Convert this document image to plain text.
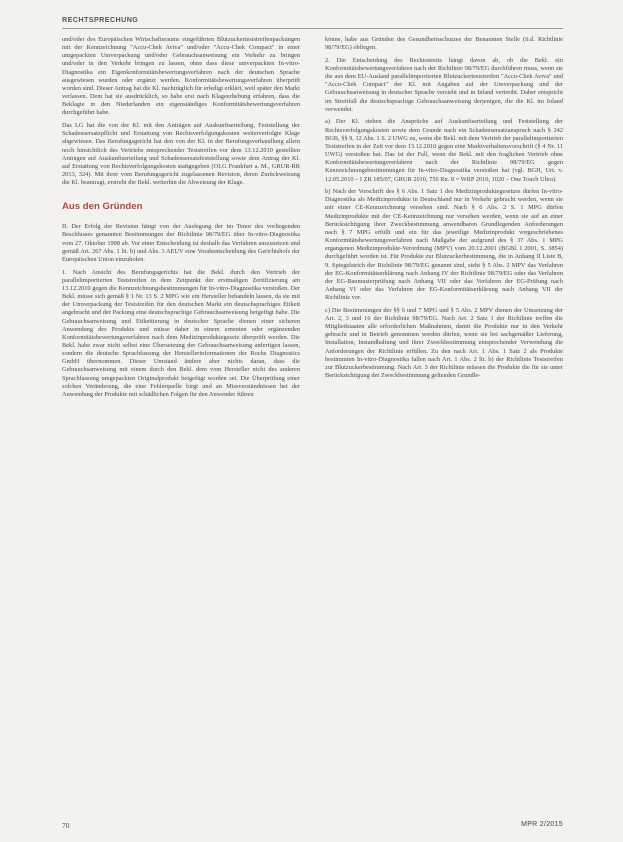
RECHTSPRECHUNG

und/oder des Europäischen Wirtschaftsraums eingeführten Blutzuckerteststreifenpackungen mit der Kennzeichnung "Accu-Chek Aviva" und/oder "Accu-Chek Compact" in einer umgepackten Umverpackung und/oder Gebrauchsanweisung ein Verkehr zu bringen und/oder in den Verkehr bringen zu lassen, ohne dass diese umverpackten In-vitro-Diagnostika ein Eigenkonformitätsbewertungsverfahren nach der deutschen Sprache ausgewiesen wurden oder ergänzt werden. Konformitätsbewertungsverfahren überprüft worden sind. Dieser Antrag hat die Kl. nachträglich für erledigt erklärt, weil später den Markt verlassen. Dem hat sie ausdrücklich, so habe erst nach Klageerhebung erfahren, dass die Beklagte in den Niederlanden ein eigenständiges Konformitätsbewertungsverfahren durchgeführt habe.

Das LG hat die von der Kl. mit den Anträgen auf Auskunftserteilung, Feststellung der Schadensersatzpflicht und Erstattung von Rechtsverfolgungskosten weiterverfolgte Klage abgewiesen. Das Berufungsgericht hat den von der Kl. in der Berufungsverhandlung allein noch hinsichtlich des Vertriebs entsprechender Teststreifen vor dem 13.12.2010 gestellten Anträgen auf Auskunftserteilung und Schadensersatzfeststellung sowie dem Antrag der Kl. auf Erstattung von Rechtsverfolgungskosten stattgegeben (OLG Frankfurt a. M., GRUR-RR 2013, 324). Mit ihrer vom Berufungsgericht zugelassenen Revision, deren Zurückweisung die Kl. beantragt, erstrebt die Bekl. weiterhin die Abweisung der Klage.

Aus den Gründen

II. Der Erfolg der Revision hängt von der Auslegung der im Tenor des vorliegenden Beschlusses genannten Bestimmungen der Richtlinie 98/79/EG über In-vitro-Diagnostika vom 27. Oktober 1998 ab. Vor einer Entscheidung ist deshalb das Verfahren auszusetzen und gemäß Art. 267 Abs. 1 lit. b) und Abs. 3 AEUV eine Vorabentscheidung des Gerichtshofs der Europäischen Union einzuholen.

1. Nach Ansicht des Berufungsgerichts hat die Bekl. durch den Vertrieb der parallelimportierten Teststreifen in dem Zeitpunkt der erstmaligen Zertifizierung am 13.12.2010 gegen die Kennzeichnungsbestimmungen für In-vitro-Diagnostika verstoßen. Der Bekl. müsse sich gemäß § 1 Nr. 13 S. 2 MPG wie ein Hersteller behandeln lassen, da sie mit der Umverpackung der Teststreifen für den deutschen Markt ein deutschsprachiges Etikett angebracht und der Packung eine deutschsprachige Gebrauchsanweisung beigefügt habe. Die Gebrauchsanweisung und Etikettierung in deutscher Sprache dienen einer sicheren Anwendung des Produkts und müsse daher in einem erneuten oder ergänzenden Konformitätsbewertungsverfahren nach dem Medizinproduktegesetz überprüft werden. Die Bekl. habe zwar nicht selbst eine Übersetzung der Gebrauchsanweisung anfertigen lassen, sondern die deutsche Sprachfassung der Herstellerinformationen der Roche Diagnostics GmbH übernommen. Dieser Umstand ändere aber nichts daran, dass die Gebrauchsanweisung mit einem durch den Bekl. dem vom Hersteller nicht des anderen Sprachfassung umgepackten Originalprodukt beigefügt worden sei. Die Überprüfung einer solchen Veränderung, die eine Fehlerquelle birgt und an Missverständnissen bei der Anwendung der Produkte mit schädlichen Folgen für den Anwender führen

könne, habe aus Gründen des Gesundheitsschutzes der Benannten Stelle (S.d. Richtlinie 98/79/EG) obliegen.

2. Die Entscheidung des Rechtsstreits hängt davon ab, ob die Bekl. ein Konformitätsbewertungsverfahren nach der Richtlinie 98/79/EG durchführen muss, wenn sie die aus dem EU-Ausland parallelimportierten Blutzuckerteststreifen "Accu-Chek Aviva" und "Accu-Chek Compact" der Kl. mit Angaben auf der Umverpackung und der Gebrauchsanweisung in deutscher Sprache versieht und in Inland vertreibt. Daher entspricht im Streitfall die deutschsprachige Gebrauchsanweisung derjenigen, die die Kl. im Inland verwendet.

a) Der Kl. stehen die Ansprüche auf Auskunftserteilung und Feststellung der Rechtsverfolgungskosten sowie dem Grunde nach ein Schadensersatzanspruch nach § 242 BGB, §§ 9, 12 Abs. 1 S. 2 UWG zu, wenn die Bekl. mit dem Vertrieb der parallelimportierten Teststreifen in der Zeit vor dem 13.12.2010 gegen eine Marktverhaltensvorschrift (§ 4 Nr. 11 UWG) verstoßen hat. Das ist der Fall, wenn die Bekl. mit den fraglichen Vertrieb ohne Konformitätsbewertungsverfahren nach der Richtlinie 98/79/EG gegen Kennzeichnungsbestimmungen für In-vitro-Diagnostika verstoßen hat (vgl. BGH, Urt. v. 12.05.2010 – I ZR 185/07, GRUR 2010, 756 Rn. 8 = WRP 2010, 1020 – One Touch Ultra).

b) Nach der Vorschrift des § 6 Abs. 1 Satz 1 des Medizinproduktegesetzes dürfen In-vitro-Diagnostika als Medizinprodukte in Deutschland nur in Verkehr gebracht werden, wenn sie mit einer CE-Kennzeichnung versehen sind. Nach § 6 Abs. 2 S. 1 MPG dürfen Medizinprodukte mit der CE-Kennzeichnung nur versehen werden, wenn sie auf an einer Berücksichtigung ihrer Zweckbestimmung anwendbaren Grundlegenden Anforderungen nach § 7 MPG erfüllt und ein für das jeweilige Medizinprodukt vorgeschriebenes Konformitätsbewertungsverfahren nach Maßgabe der aufgrund des § 37 Abs. 1 MPG ergangenen Medizinprodukte-Verordnung (MPV) vom 20.12.2001 (BGBl. I 2001, S. 3854) durchgeführt worden ist. Für Produkte zur Blutzuckerbestimmung, die in Anhang II Liste B, 9. Spiegelstrich der Richtlinie 98/79/EG genannt sind, sieht § 5 Abs. 2 MPV das Verfahren der EG-Konformitätserklärung nach Anhang IV der Richtlinie 98/79/EG oder das Verfahren der EG-Baumusterprüfung nach Anhang VII oder das Verfahren der EG-Prüfung nach Anhang VI oder das Verfahren der EG-Konformitätserklärung nach Anhang VII der Richtlinie vor.

c) Die Bestimmungen der §§ 6 und 7 MPG und § 5 Abs. 2 MPV dienen der Umsetzung der Art. 2, 3 und 16 der Richtlinie 98/79/EG. Nach Art. 2 Satz 1 der Richtlinie treffen die Mitgliedstaaten alle erforderlichen Maßnahmen, damit die Produkte nur in den Verkehr gebracht und in Betrieb genommen werden dürfen, wenn sie bei sachgemäßer Lieferung, Installation, Instandhaltung und ihrer Zweckbestimmung entsprechender Verwendung die Anforderungen der Richtlinie erfüllen. Zu den nach Art. 1 Abs. 1 Satz 2 als Produkte bestimmten In-vitro-Diagnostika fallen nach Art. 1 Abs. 2 lit. b) der Richtlinie Teststreifen zur Blutzuckerbestimmung. Nach Art. 3 der Richtlinie müssen die Produkte die für sie unter Berücksichtigung der Zweckbestimmung geltenden Grundle-

70	MPR 2/2015
